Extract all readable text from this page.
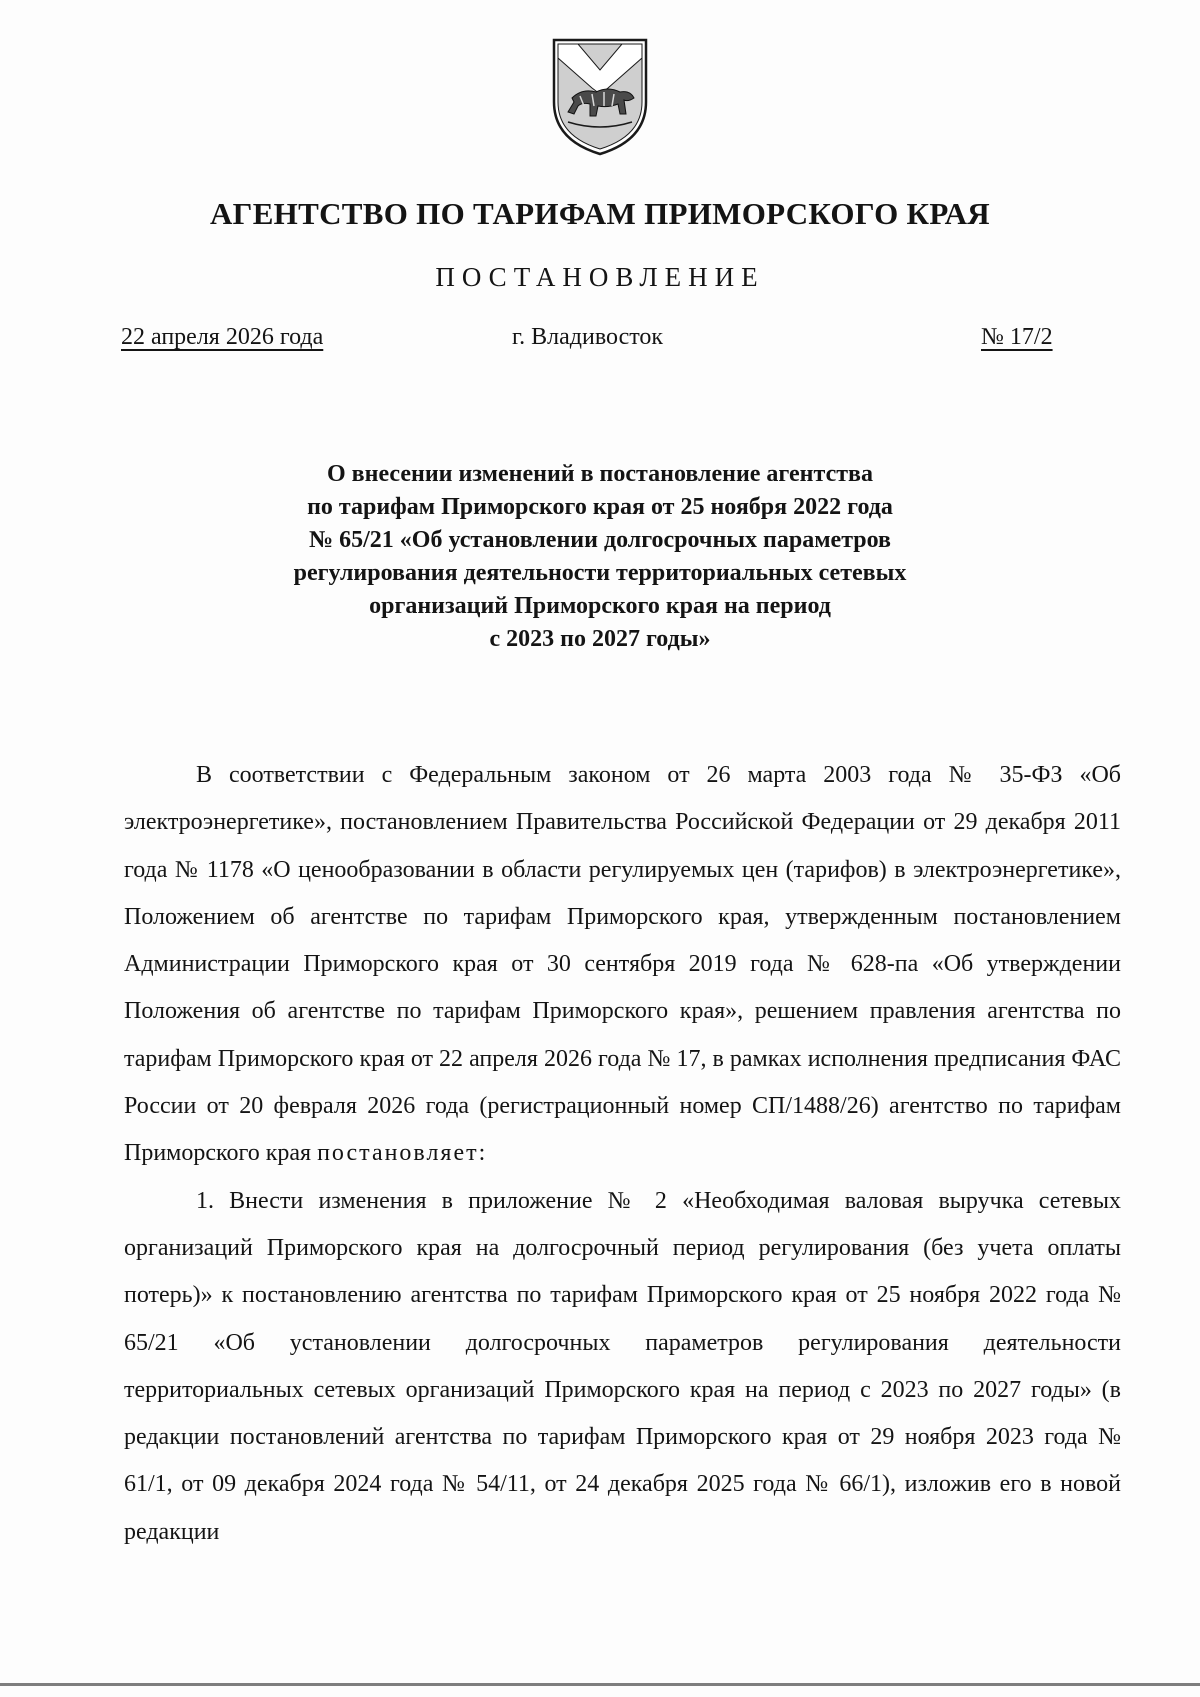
АГЕНТСТВО ПО ТАРИФАМ ПРИМОРСКОГО КРАЯ
ПОСТАНОВЛЕНИЕ
22 апреля 2026 года	г. Владивосток	№ 17/2
О внесении изменений в постановление агентства
по тарифам Приморского края от 25 ноября 2022 года
№ 65/21 «Об установлении долгосрочных параметров
регулирования деятельности территориальных сетевых
организаций Приморского края на период
с 2023 по 2027 годы»

В соответствии с Федеральным законом от 26 марта 2003 года № 35-ФЗ «Об электроэнергетике», постановлением Правительства Российской Федерации от 29 декабря 2011 года № 1178 «О ценообразовании в области регулируемых цен (тарифов) в электроэнергетике», Положением об агентстве по тарифам Приморского края, утвержденным постановлением Администрации Приморского края от 30 сентября 2019 года № 628-па «Об утверждении Положения об агентстве по тарифам Приморского края», решением правления агентства по тарифам Приморского края от 22 апреля 2026 года № 17, в рамках исполнения предписания ФАС России от 20 февраля 2026 года (регистрационный номер СП/1488/26) агентство по тарифам Приморского края постановляет:

1. Внести изменения в приложение № 2 «Необходимая валовая выручка сетевых организаций Приморского края на долгосрочный период регулирования (без учета оплаты потерь)» к постановлению агентства по тарифам Приморского края от 25 ноября 2022 года № 65/21 «Об установлении долгосрочных параметров регулирования деятельности территориальных сетевых организаций Приморского края на период с 2023 по 2027 годы» (в редакции постановлений агентства по тарифам Приморского края от 29 ноября 2023 года № 61/1, от 09 декабря 2024 года № 54/11, от 24 декабря 2025 года № 66/1), изложив его в новой редакции
